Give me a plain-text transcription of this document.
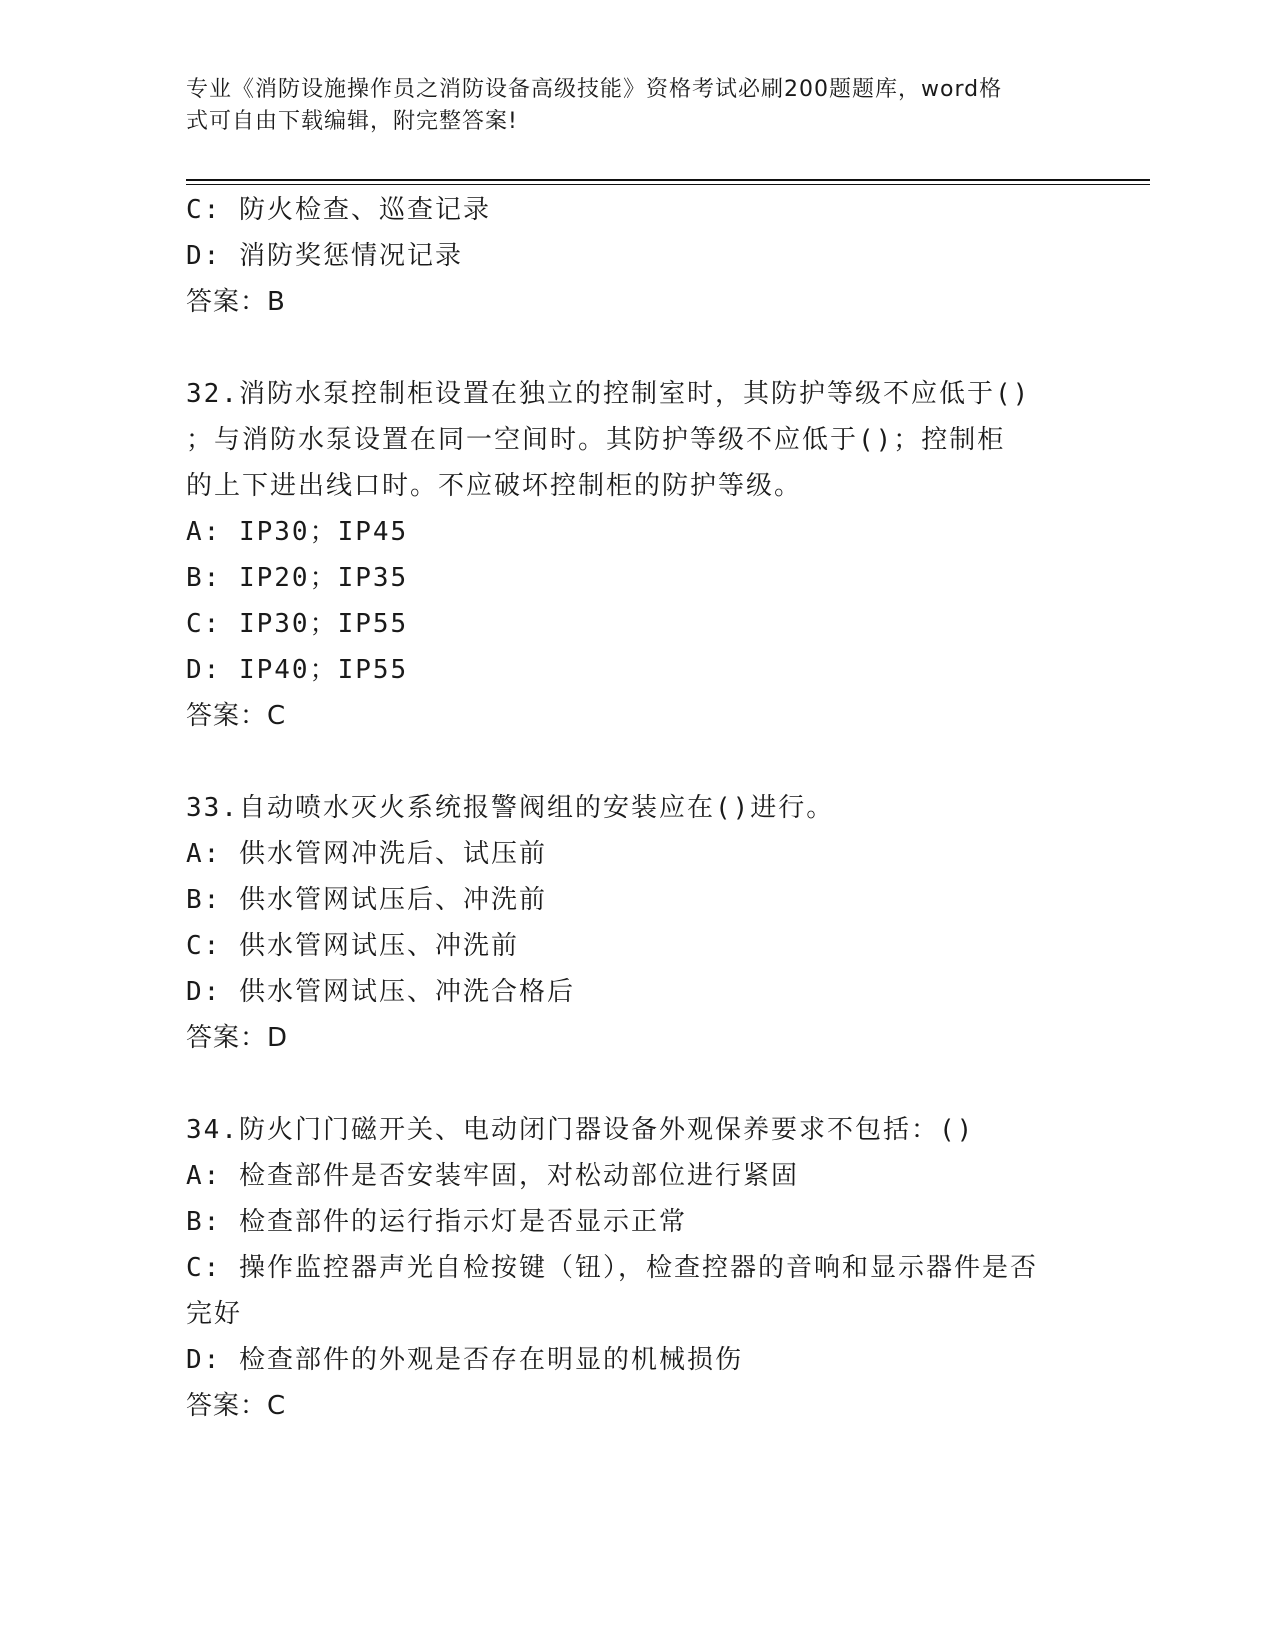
专业《消防设施操作员之消防设备高级技能》资格考试必刷200题题库，word格
式可自由下载编辑，附完整答案!
C: 防火检查、巡查记录
D: 消防奖惩情况记录
答案：B
32.消防水泵控制柜设置在独立的控制室时，其防护等级不应低于()
；与消防水泵设置在同一空间时。其防护等级不应低于()；控制柜
的上下进出线口时。不应破坏控制柜的防护等级。
A: IP30；IP45
B: IP20；IP35
C: IP30；IP55
D: IP40；IP55
答案：C
33.自动喷水灭火系统报警阀组的安装应在()进行。
A: 供水管网冲洗后、试压前
B: 供水管网试压后、冲洗前
C: 供水管网试压、冲洗前
D: 供水管网试压、冲洗合格后
答案：D
34.防火门门磁开关、电动闭门器设备外观保养要求不包括：()
A: 检查部件是否安装牢固，对松动部位进行紧固
B: 检查部件的运行指示灯是否显示正常
C: 操作监控器声光自检按键（钮），检查控器的音响和显示器件是否
完好
D: 检查部件的外观是否存在明显的机械损伤
答案：C
